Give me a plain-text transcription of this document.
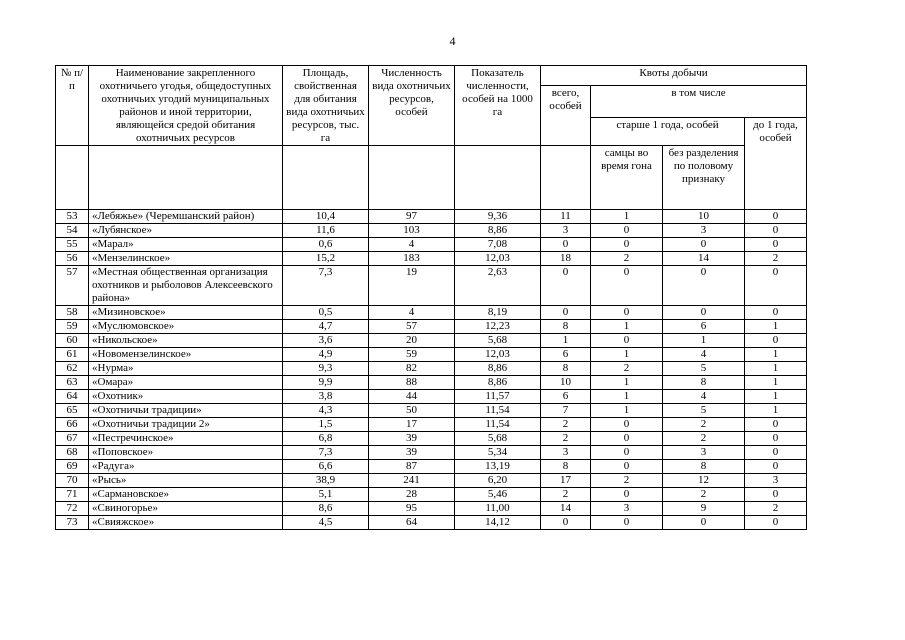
4
№ п/п	Наименование закрепленного охотничьего угодья, общедоступных охотничьих угодий муниципальных районов и иной территории, являющейся средой обитания охотничьих ресурсов	Площадь, свойственная для обитания вида охотничьих ресурсов, тыс. га	Численность вида охотничьих ресурсов, особей	Показатель численности, особей на 1000 га	Квоты добычи			
					всего, особей	в том числе		
						старше 1 года, особей		до 1 года, особей
						самцы во время гона	без разделения по половому признаку	
53	«Лебяжье» (Черемшанский район)	10,4	97	9,36	11	1	10	0
54	«Лубянское»	11,6	103	8,86	3	0	3	0
55	«Марал»	0,6	4	7,08	0	0	0	0
56	«Мензелинское»	15,2	183	12,03	18	2	14	2
57	«Местная общественная организация охотников и рыболовов Алексеевского района»	7,3	19	2,63	0	0	0	0
58	«Мизиновское»	0,5	4	8,19	0	0	0	0
59	«Муслюмовское»	4,7	57	12,23	8	1	6	1
60	«Никольское»	3,6	20	5,68	1	0	1	0
61	«Новомензелинское»	4,9	59	12,03	6	1	4	1
62	«Нурма»	9,3	82	8,86	8	2	5	1
63	«Омара»	9,9	88	8,86	10	1	8	1
64	«Охотник»	3,8	44	11,57	6	1	4	1
65	«Охотничьи традиции»	4,3	50	11,54	7	1	5	1
66	«Охотничьи традиции 2»	1,5	17	11,54	2	0	2	0
67	«Пестречинское»	6,8	39	5,68	2	0	2	0
68	«Поповское»	7,3	39	5,34	3	0	3	0
69	«Радуга»	6,6	87	13,19	8	0	8	0
70	«Рысь»	38,9	241	6,20	17	2	12	3
71	«Сармановское»	5,1	28	5,46	2	0	2	0
72	«Свиногорье»	8,6	95	11,00	14	3	9	2
73	«Свияжское»	4,5	64	14,12	0	0	0	0
